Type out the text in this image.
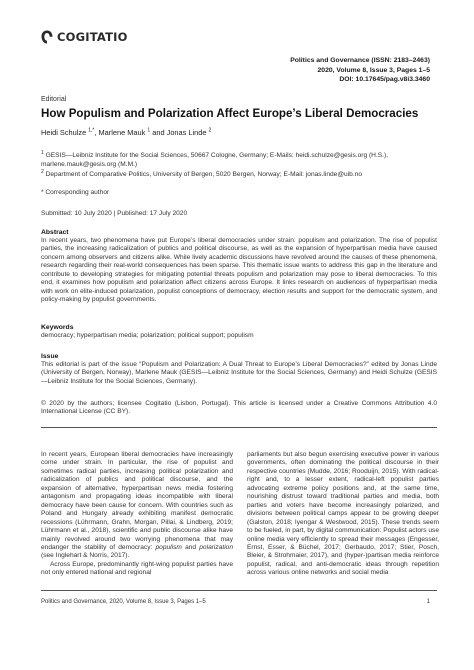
COGITATIO
Politics and Governance (ISSN: 2183–2463)
2020, Volume 8, Issue 3, Pages 1–5
DOI: 10.17645/pag.v8i3.3460
Editorial
How Populism and Polarization Affect Europe’s Liberal Democracies
Heidi Schulze $^{1,*}$, Marlene Mauk $^1$ and Jonas Linde $^2$
$^1$ GESIS—Leibniz Institute for the Social Sciences, 50667 Cologne, Germany; E-Mails: heidi.schulze@gesis.org (H.S.), marlene.mauk@gesis.org (M.M.)
$^2$ Department of Comparative Politics, University of Bergen, 5020 Bergen, Norway; E-Mail: jonas.linde@uib.no
* Corresponding author
Submitted: 10 July 2020 | Published: 17 July 2020
Abstract
In recent years, two phenomena have put Europe’s liberal democracies under strain: populism and polarization. The rise of populist parties, the increasing radicalization of publics and political discourse, as well as the expansion of hyperpartisan media have caused concern among observers and citizens alike. While lively academic discussions have revolved around the causes of these phenomena, research regarding their real-world consequences has been sparse. This thematic issue wants to address this gap in the literature and contribute to developing strategies for mitigating potential threats populism and polarization may pose to liberal democracies. To this end, it examines how populism and polarization affect citizens across Europe. It links research on audiences of hyperpartisan media with work on elite-induced polarization, populist conceptions of democracy, election results and support for the democratic system, and policy-making by populist governments.
Keywords
democracy; hyperpartisan media; polarization; political support; populism
Issue
This editorial is part of the issue “Populism and Polarization: A Dual Threat to Europe’s Liberal Democracies?” edited by Jonas Linde (University of Bergen, Norway), Marlene Mauk (GESIS—Leibniz Institute for the Social Sciences, Germany) and Heidi Schulze (GESIS—Leibniz Institute for the Social Sciences, Germany).
© 2020 by the authors; licensee Cogitatio (Lisbon, Portugal). This article is licensed under a Creative Commons Attribution 4.0 International License (CC BY).

In recent years, European liberal democracies have increasingly come under strain. In particular, the rise of populist and sometimes radical parties, increasing political polarization and radicalization of publics and political discourse, and the expansion of alternative, hyperpartisan news media fostering antagonism and propagating ideas incompatible with liberal democracy have been cause for concern. With countries such as Poland and Hungary already exhibiting manifest democratic recessions (Lührmann, Grahn, Morgan, Pillai, & Lindberg, 2019; Lührmann et al., 2018), scientific and public discourse alike have mainly revolved around two worrying phenomena that may endanger the stability of democracy: populism and polarization (see Inglehart & Norris, 2017).

Across Europe, predominantly right-wing populist parties have not only entered national and regional

parliaments but also begun exercising executive power in various governments, often dominating the political discourse in their respective countries (Mudde, 2016; Rooduijn, 2015). With radical-right and, to a lesser extent, radical-left populist parties advocating extreme policy positions and, at the same time, nourishing distrust toward traditional parties and media, both parties and voters have become increasingly polarized, and divisions between political camps appear to be growing deeper (Galston, 2018; Iyengar & Westwood, 2015). These trends seem to be fueled, in part, by digital communication: Populist actors use online media very efficiently to spread their messages (Engesser, Ernst, Esser, & Büchel, 2017; Gerbaudo, 2017; Stier, Posch, Bleier, & Strohmaier, 2017), and (hyper-)partisan media reinforce populist, radical, and anti-democratic ideas through repetition across various online networks and social media

Politics and Governance, 2020, Volume 8, Issue 3, Pages 1–5	1
